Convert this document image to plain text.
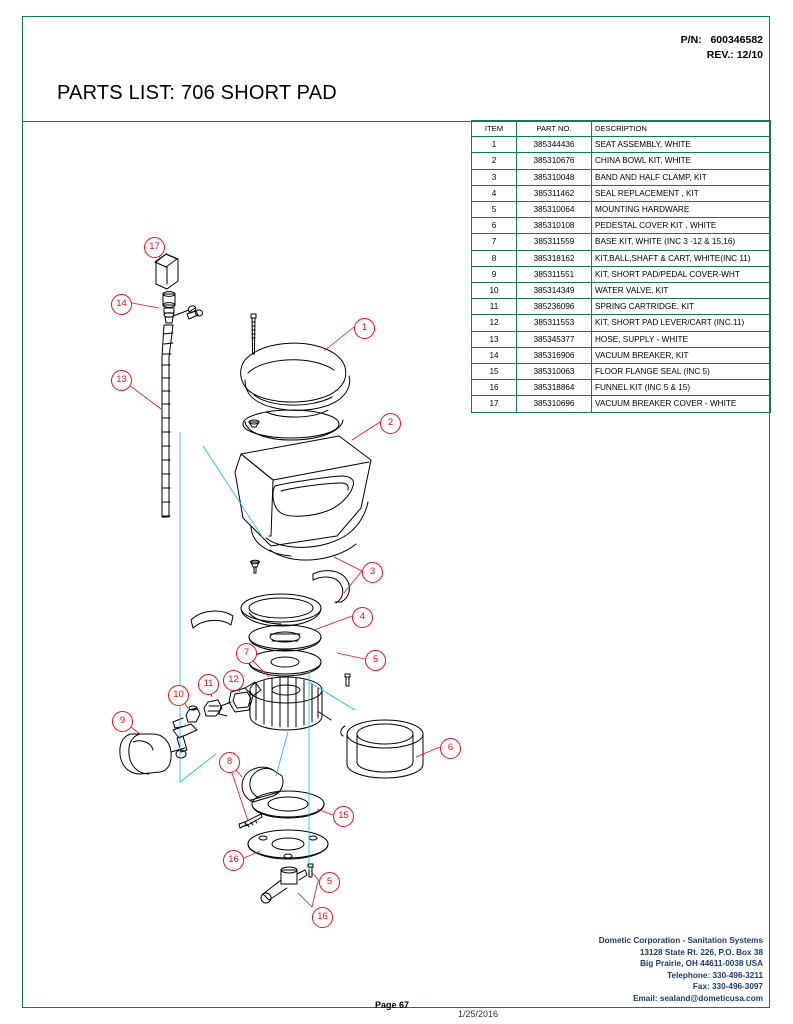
P/N: 600346582
REV.: 12/10
PARTS LIST: 706 SHORT PAD
ITEM	PART NO.	DESCRIPTION
1	385344436	SEAT ASSEMBLY, WHITE
2	385310676	CHINA BOWL KIT, WHITE
3	385310048	BAND AND HALF CLAMP, KIT
4	385311462	SEAL REPLACEMENT , KIT
5	385310064	MOUNTING HARDWARE
6	385310108	PEDESTAL COVER KIT , WHITE
7	385311559	BASE KIT, WHITE (INC 3 -12 & 15,16)
8	385318162	KIT,BALL,SHAFT & CART, WHITE(INC 11)
9	385311551	KIT, SHORT PAD/PEDAL COVER-WHT
10	385314349	WATER VALVE, KIT
11	385236096	SPRING CARTRIDGE, KIT
12	385311553	KIT, SHORT PAD LEVER/CART (INC.11)
13	385345377	HOSE, SUPPLY - WHITE
14	385316906	VACUUM BREAKER, KIT
15	385310063	FLOOR FLANGE SEAL (INC 5)
16	385318864	FUNNEL KIT (INC 5 & 15)
17	385310696	VACUUM BREAKER COVER - WHITE
17
14
13
1
2
3
4
5
7
12
11
10
9
8
6
15
16
5
16
Dometic Corporation - Sanitation Systems
13128 State Rt. 226, P.O. Box 38
Big Prairie, OH 44611-0038 USA
Telephone: 330-496-3211
Fax: 330-496-3097
Email: sealand@dometicusa.com
Page 67
1/25/2016
